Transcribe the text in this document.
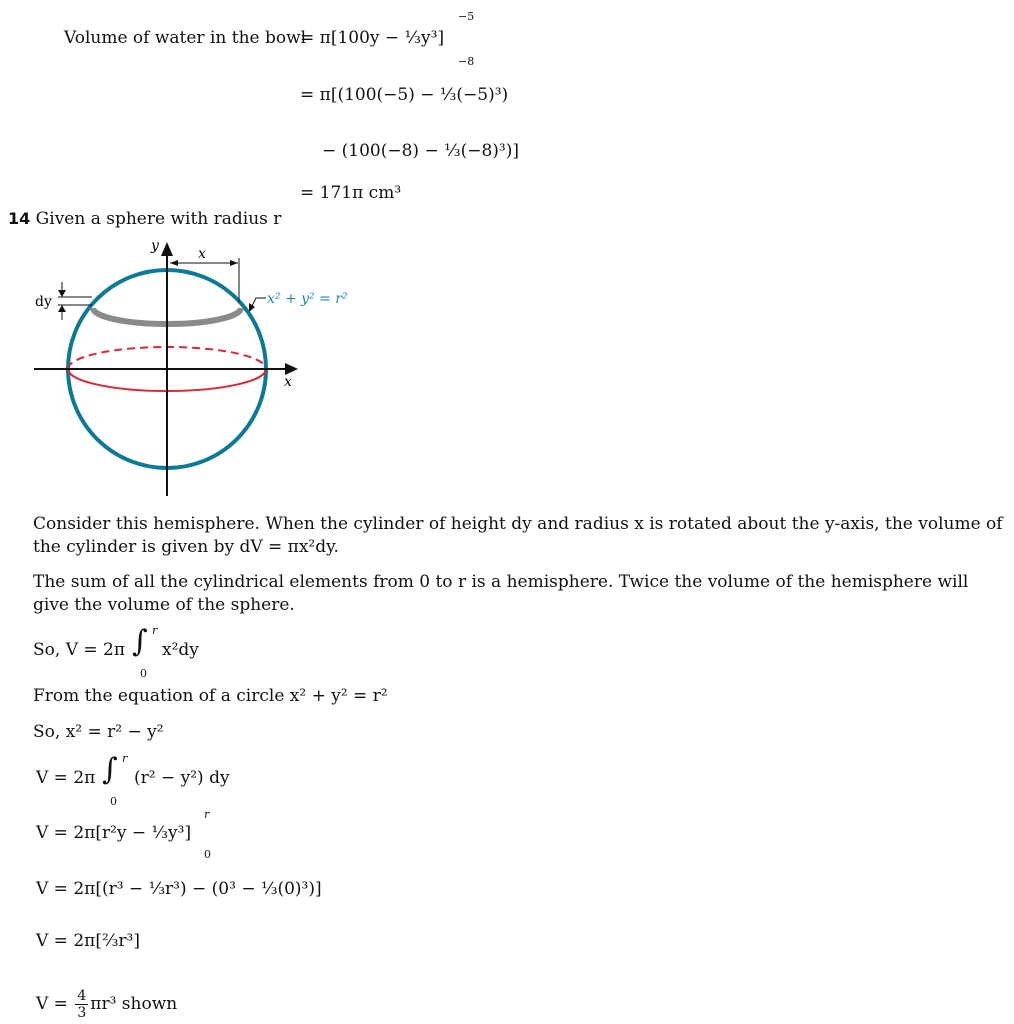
Volume of water in the bowl
= π[100y − ⅓y³]
−5
−8
= π[(100(−5) − ⅓(−5)³)
− (100(−8) − ⅓(−8)³)]
= 171π cm³
14 Given a sphere with radius r
y
x
x
dy	x² + y² = r²
Consider this hemisphere. When the cylinder of height dy and radius x is rotated about the y-axis, the volume of the cylinder is given by dV = πx²dy.
The sum of all the cylindrical elements from 0 to r is a hemisphere. Twice the volume of the hemisphere will give the volume of the sphere.
So, V = 2π ∫ r
0
x²dy
From the equation of a circle x² + y² = r²
So, x² = r² − y²
V = 2π ∫ r
0
(r² − y²) dy
V = 2π[r²y − ⅓y³]
r
0
V = 2π[(r³ − ⅓r³) − (0³ − ⅓(0)³)]
V = 2π[⅔r³]
$V = \frac{4}{3} \pi r^3$ shown
